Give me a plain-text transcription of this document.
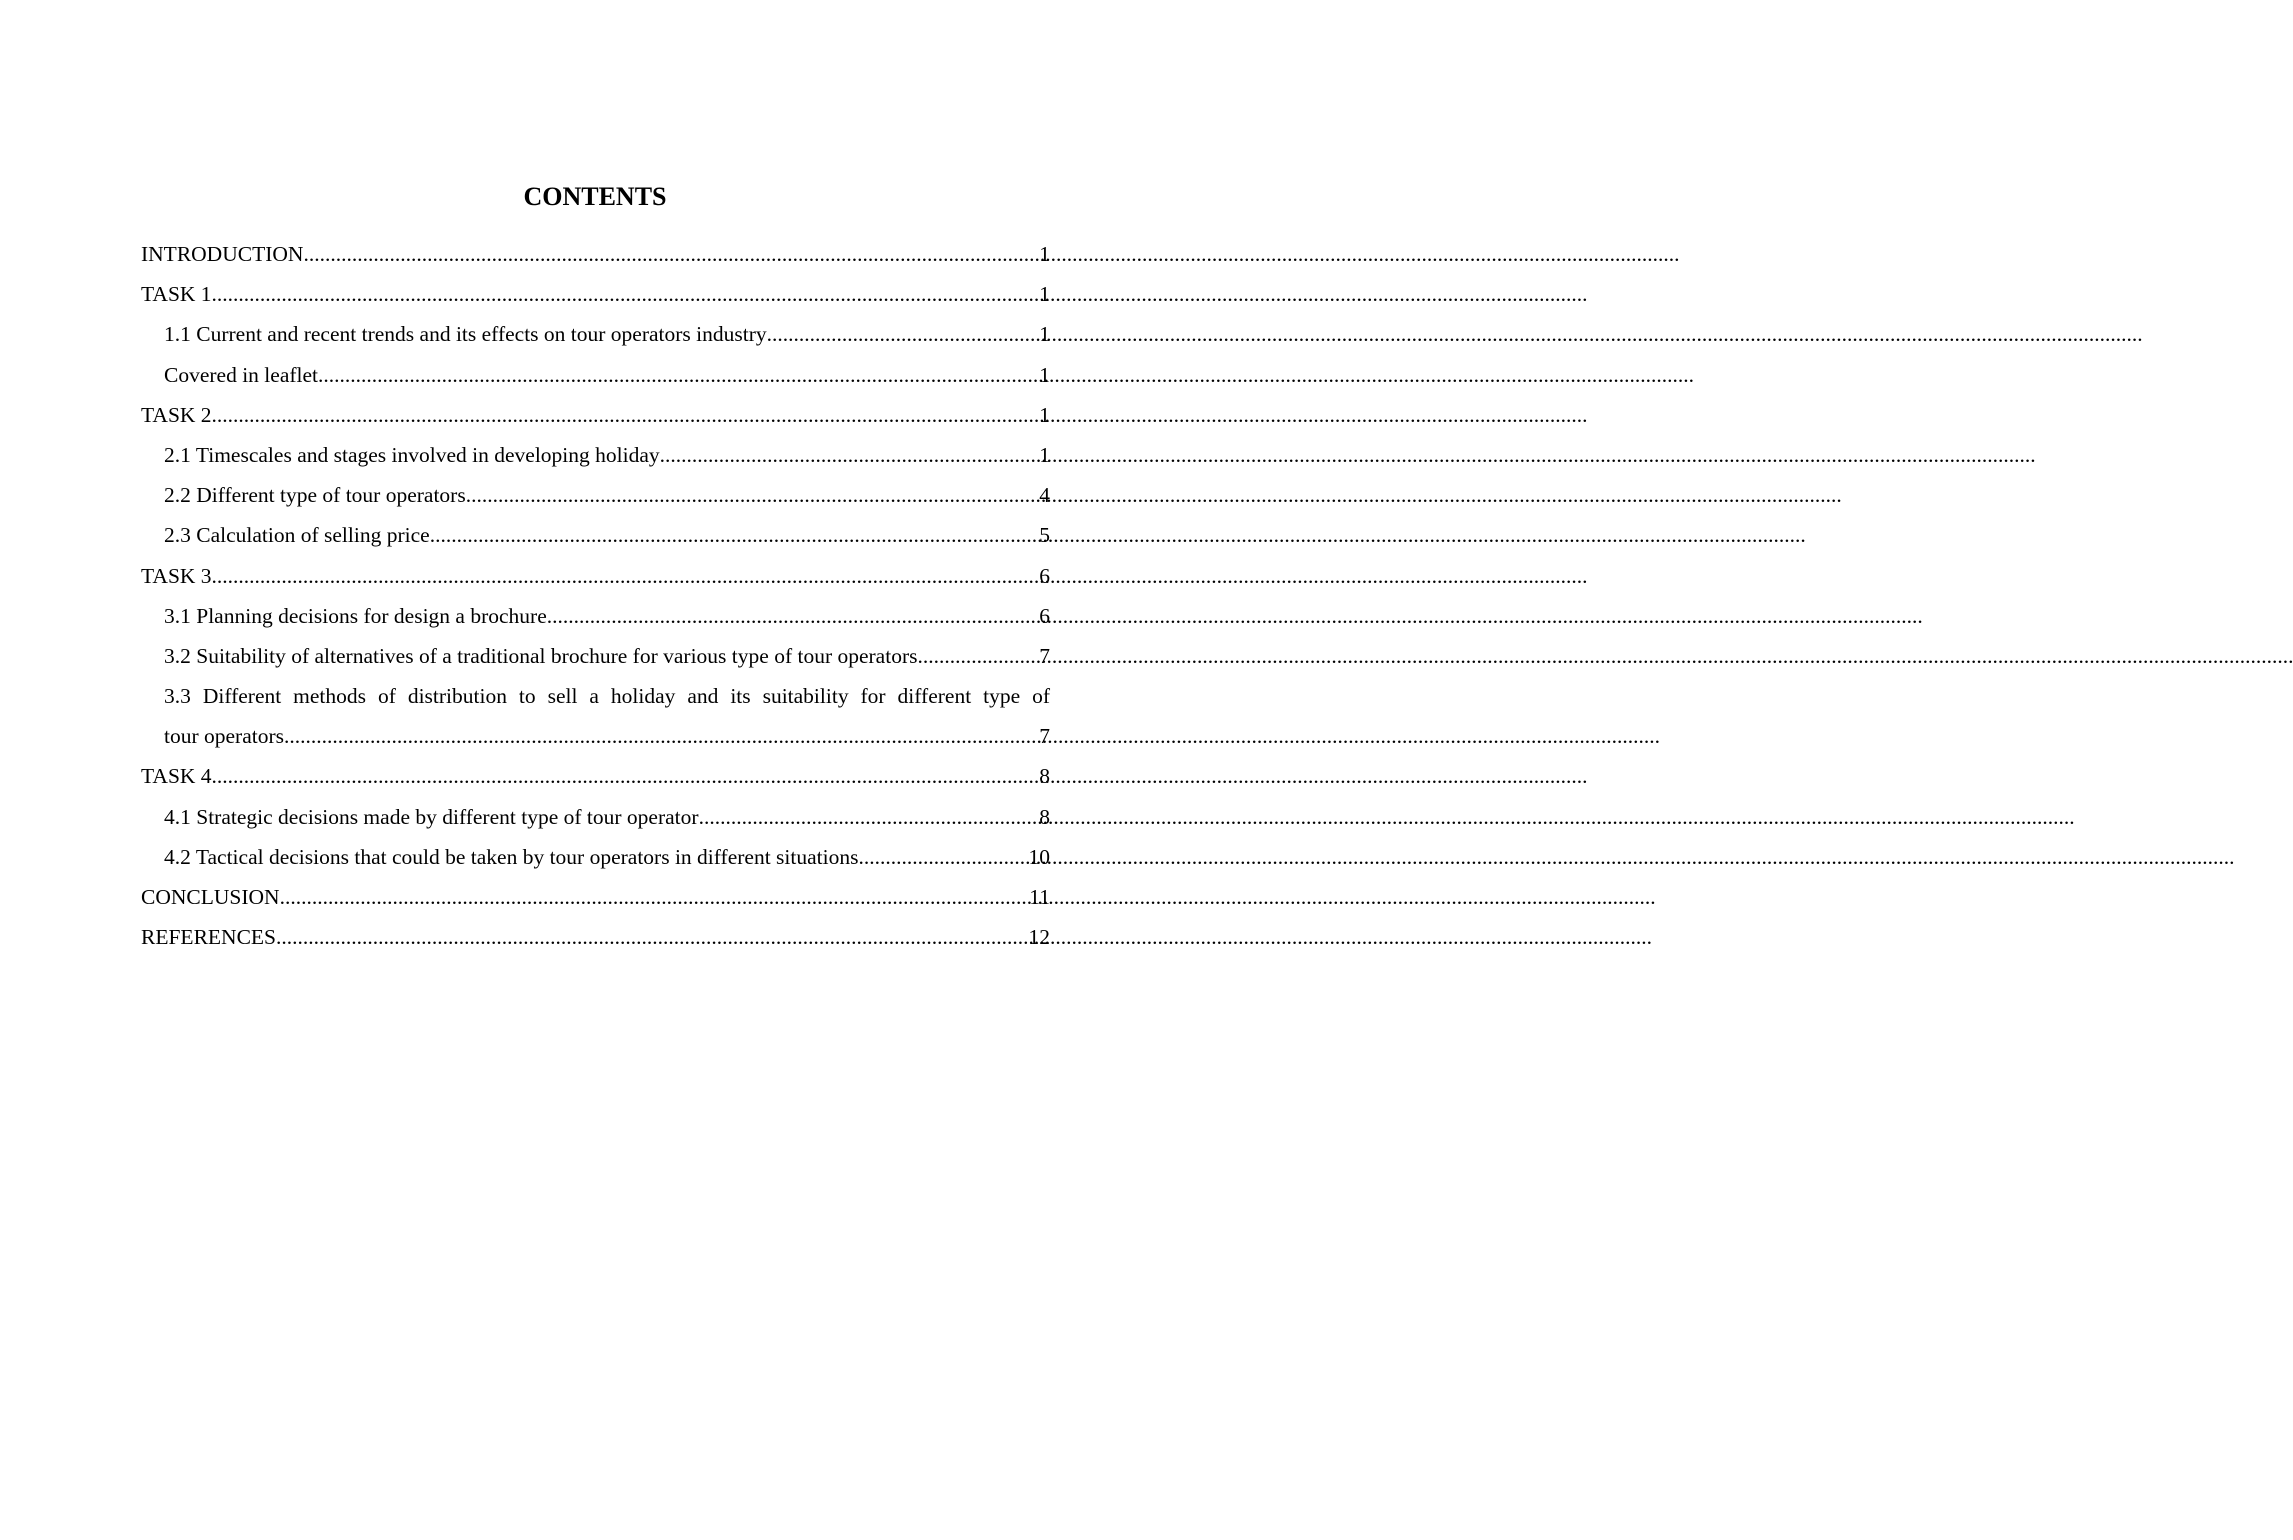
CONTENTS
INTRODUCTION .....	1
TASK 1 .....	1
1.1 Current and recent trends and its effects on tour operators industry .....	1
Covered in leaflet .....	1
TASK 2 .....	1
2.1 Timescales and stages involved in developing holiday .....	1
2.2 Different type of tour operators .....	4
2.3 Calculation of selling price .....	5
TASK 3 .....	6
3.1 Planning decisions for design a brochure .....	6
3.2 Suitability of alternatives of a traditional brochure for various type of tour operators .....	7
3.3 Different methods of distribution to sell a holiday and its suitability for different type of
tour operators .....	7
TASK 4 .....	8
4.1 Strategic decisions made by different type of tour operator .....	8
4.2 Tactical decisions that could be taken by tour operators in different situations .....	10
CONCLUSION .....	11
REFERENCES .....	12
